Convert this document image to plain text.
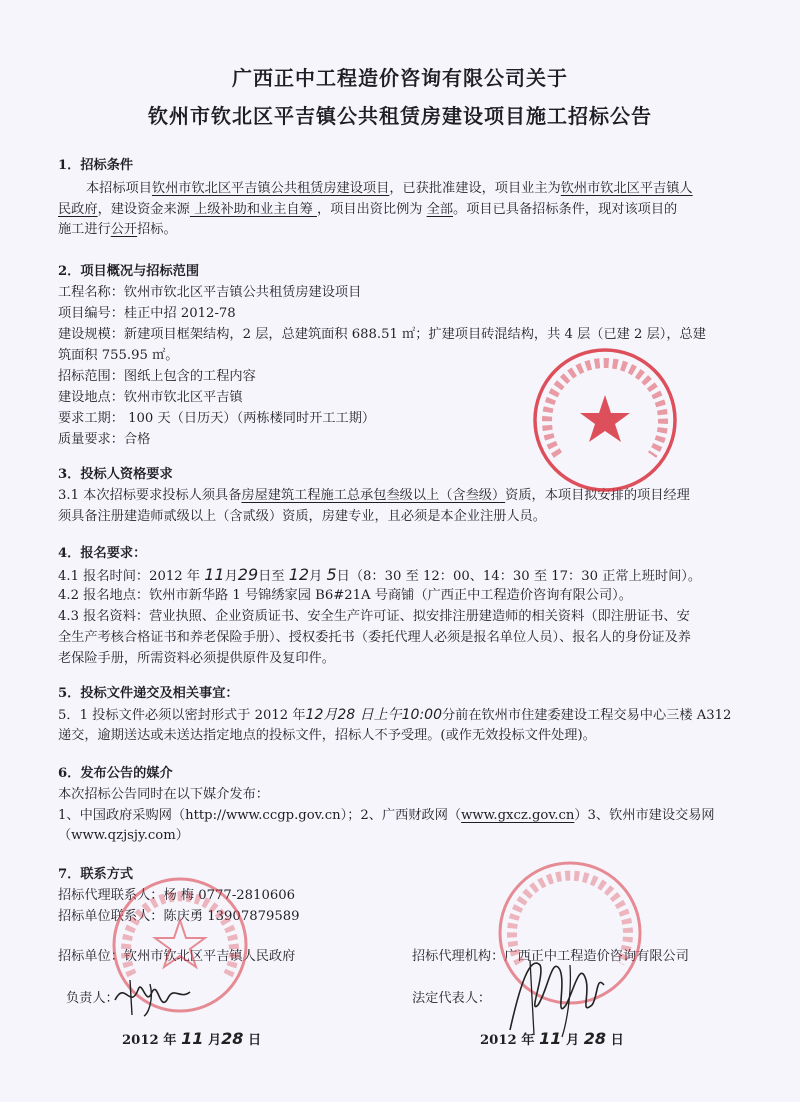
广西正中工程造价咨询有限公司关于
钦州市钦北区平吉镇公共租赁房建设项目施工招标公告
1．招标条件
本招标项目钦州市钦北区平吉镇公共租赁房建设项目，已获批准建设，项目业主为钦州市钦北区平吉镇人
民政府，建设资金来源 上级补助和业主自筹 ，项目出资比例为 全部。项目已具备招标条件，现对该项目的
施工进行公开招标。
2．项目概况与招标范围
工程名称：钦州市钦北区平吉镇公共租赁房建设项目
项目编号：桂正中招 2012-78
建设规模：新建项目框架结构，2 层，总建筑面积 688.51 ㎡；扩建项目砖混结构，共 4 层（已建 2 层），总建
筑面积 755.95 ㎡。
招标范围：图纸上包含的工程内容
建设地点：钦州市钦北区平吉镇
要求工期： 100 天（日历天）（两栋楼同时开工工期）
质量要求：合格
3．投标人资格要求
3.1 本次招标要求投标人须具备房屋建筑工程施工总承包叁级以上（含叁级）资质，本项目拟安排的项目经理
须具备注册建造师贰级以上（含贰级）资质，房建专业，且必须是本企业注册人员。
4．报名要求：
4.1 报名时间：2012 年 11月29日至 12月 5日（8：30 至 12：00、14：30 至 17：30 正常上班时间）。
4.2 报名地点：钦州市新华路 1 号锦绣家园 B6#21A 号商铺（广西正中工程造价咨询有限公司）。
4.3 报名资料：营业执照、企业资质证书、安全生产许可证、拟安排注册建造师的相关资料（即注册证书、安
全生产考核合格证书和养老保险手册）、授权委托书（委托代理人必须是报名单位人员）、报名人的身份证及养
老保险手册，所需资料必须提供原件及复印件。
5．投标文件递交及相关事宜：
5．1 投标文件必须以密封形式于 2012 年12月28 日上午10:00分前在钦州市住建委建设工程交易中心三楼 A312
递交，逾期送达或未送达指定地点的投标文件，招标人不予受理。(或作无效投标文件处理)。
6．发布公告的媒介
本次招标公告同时在以下媒介发布：
1、中国政府采购网（http://www.ccgp.gov.cn）；2、广西财政网（www.gxcz.gov.cn）3、钦州市建设交易网
（www.qzjsjy.com）
7．联系方式
招标代理联系人：杨 梅 0777-2810606
招标单位联系人：陈庆勇 13907879589
招标单位：钦州市钦北区平吉镇人民政府	招标代理机构：广西正中工程造价咨询有限公司
负责人：	法定代表人：
2012 年 11 月28 日	2012 年 11 月 28 日
